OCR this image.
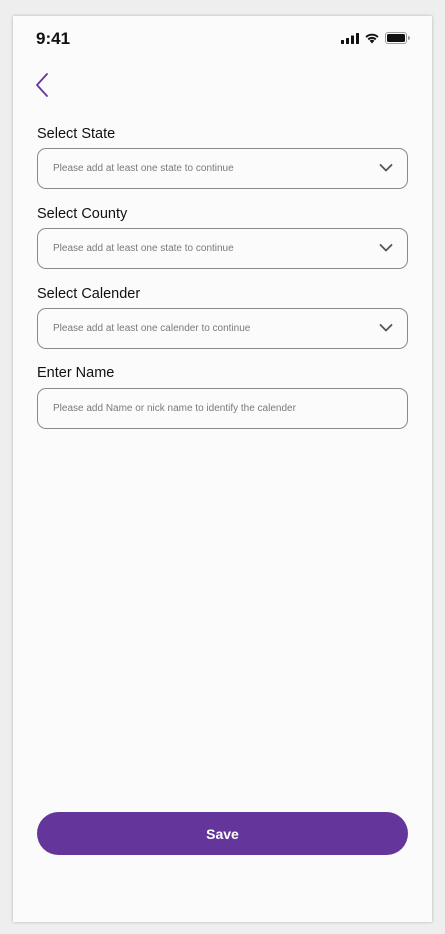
9:41
Select State
Please add at least one state to continue
Select County
Please add at least one state to continue
Select Calender
Please add at least one calender to continue
Enter Name
Please add Name or nick name to identify the calender
Save
